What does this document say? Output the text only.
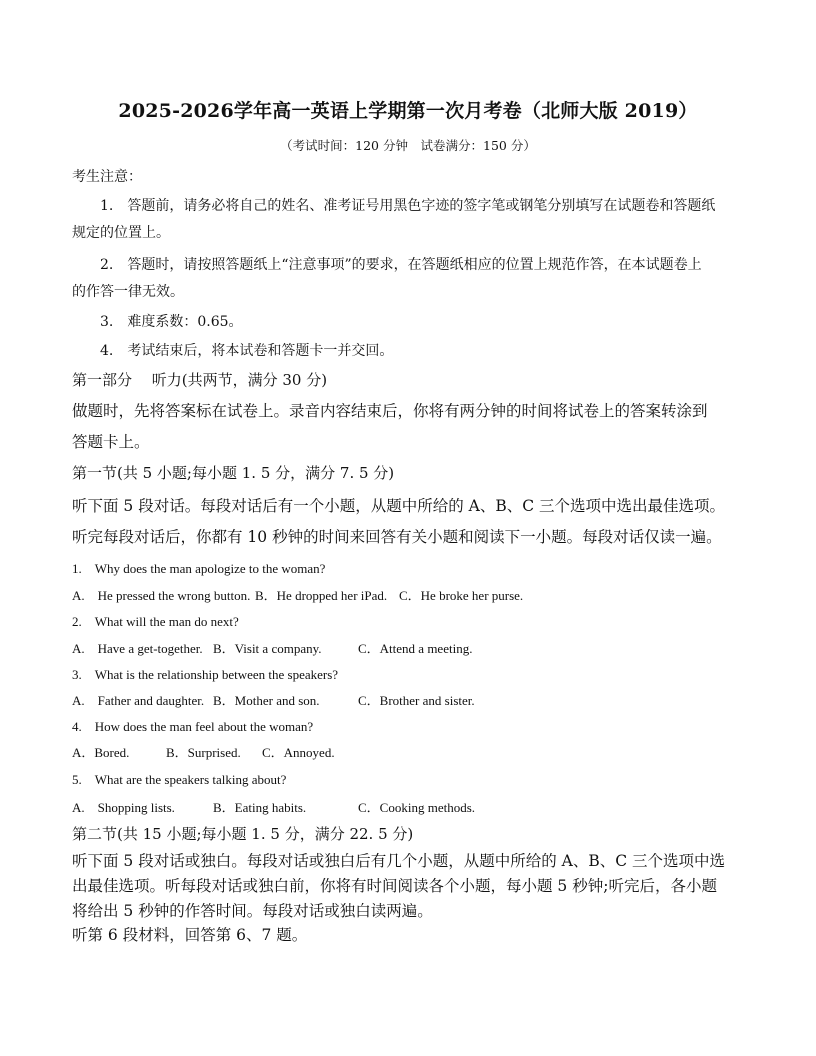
2025-2026学年高一英语上学期第一次月考卷（北师大版 2019）
（考试时间：120 分钟　试卷满分：150 分）
考生注意：
1.　答题前，请务必将自己的姓名、准考证号用黑色字迹的签字笔或钢笔分别填写在试题卷和答题纸
规定的位置上。
2.　答题时，请按照答题纸上“注意事项”的要求，在答题纸相应的位置上规范作答，在本试题卷上
的作答一律无效。
3.　难度系数：0.65。
4.　考试结束后，将本试卷和答题卡一并交回。
第一部分　 听力(共两节，满分 30 分)
做题时，先将答案标在试卷上。录音内容结束后，你将有两分钟的时间将试卷上的答案转涂到
答题卡上。
第一节(共 5 小题;每小题 1. 5 分，满分 7. 5 分)
听下面 5 段对话。每段对话后有一个小题，从题中所给的 A、B、C 三个选项中选出最佳选项。
听完每段对话后，你都有 10 秒钟的时间来回答有关小题和阅读下一小题。每段对话仅读一遍。
1.　Why does the man apologize to the woman?
A.　He pressed the wrong button. B．He dropped her iPad. C．He broke her purse.
2.　What will the man do next?
A.　Have a get-together. B．Visit a company.	C．Attend a meeting.
3.　What is the relationship between the speakers?
A.　Father and daughter. B．Mother and son.	C．Brother and sister.
4.　How does the man feel about the woman?
A．Bored.	B．Surprised. C．Annoyed.
5.　What are the speakers talking about?
A.　Shopping lists.	B．Eating habits.	C．Cooking methods.
第二节(共 15 小题;每小题 1. 5 分，满分 22. 5 分)
听下面 5 段对话或独白。每段对话或独白后有几个小题，从题中所给的 A、B、C 三个选项中选
出最佳选项。听每段对话或独白前，你将有时间阅读各个小题，每小题 5 秒钟;听完后，各小题
将给出 5 秒钟的作答时间。每段对话或独白读两遍。
听第 6 段材料，回答第 6、7 题。
